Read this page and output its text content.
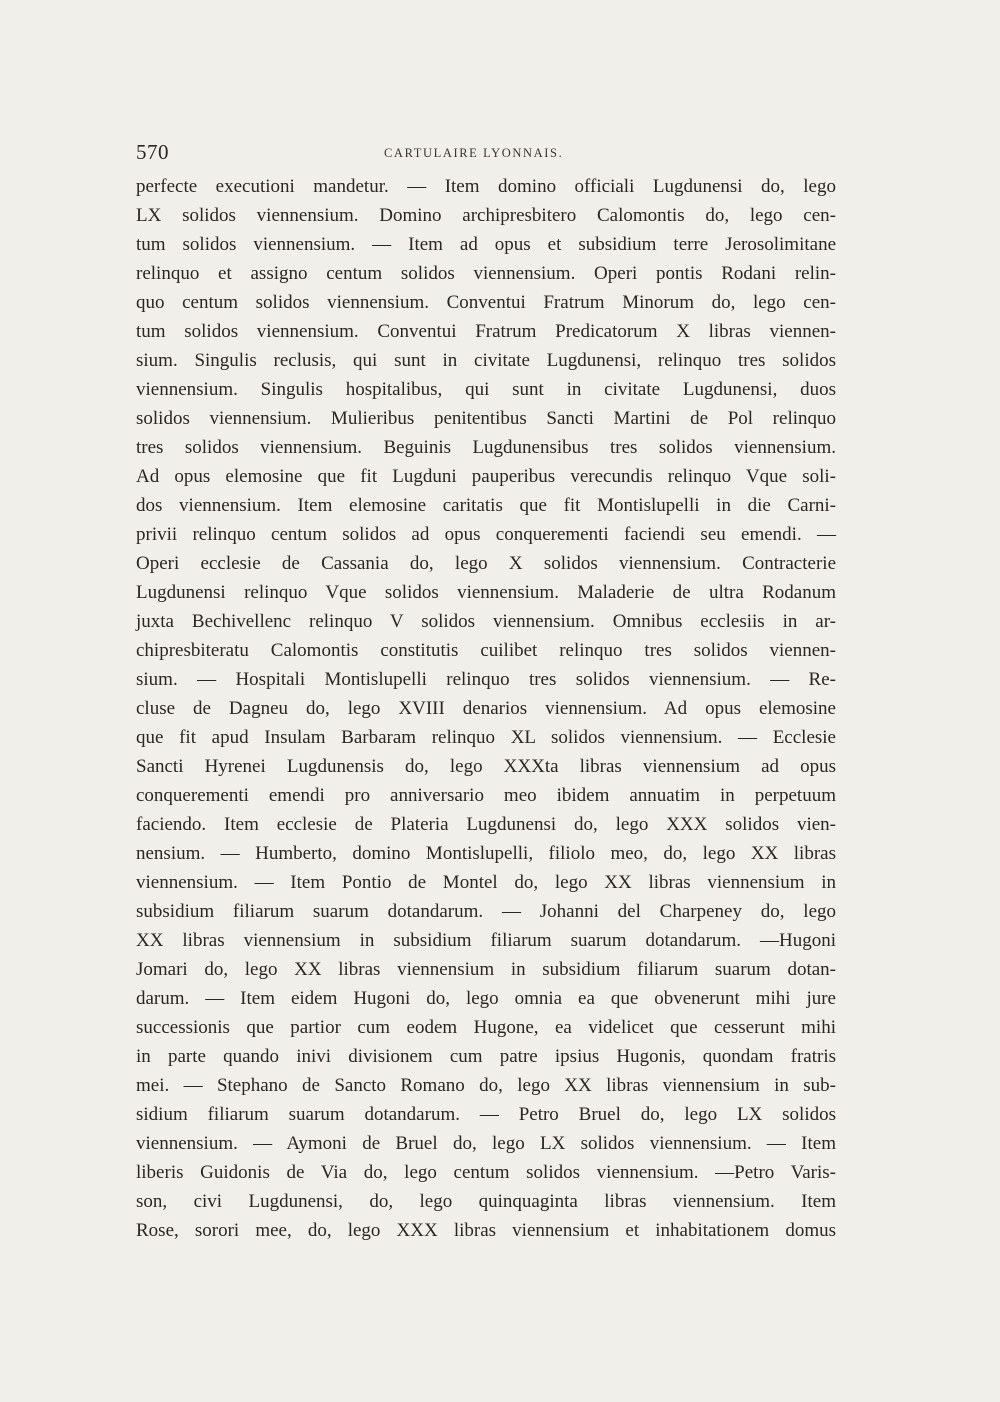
570	CARTULAIRE LYONNAIS.
perfecte executioni mandetur. — Item domino officiali Lugdunensi do, lego
LX solidos viennensium. Domino archipresbitero Calomontis do, lego cen-
tum solidos viennensium. — Item ad opus et subsidium terre Jerosolimitane
relinquo et assigno centum solidos viennensium. Operi pontis Rodani relin-
quo centum solidos viennensium. Conventui Fratrum Minorum do, lego cen-
tum solidos viennensium. Conventui Fratrum Predicatorum X libras viennen-
sium. Singulis reclusis, qui sunt in civitate Lugdunensi, relinquo tres solidos
viennensium. Singulis hospitalibus, qui sunt in civitate Lugdunensi, duos
solidos viennensium. Mulieribus penitentibus Sancti Martini de Pol relinquo
tres solidos viennensium. Beguinis Lugdunensibus tres solidos viennensium.
Ad opus elemosine que fit Lugduni pauperibus verecundis relinquo Vque soli-
dos viennensium. Item elemosine caritatis que fit Montislupelli in die Carni-
privii relinquo centum solidos ad opus conquerementi faciendi seu emendi. —
Operi ecclesie de Cassania do, lego X solidos viennensium. Contracterie
Lugdunensi relinquo Vque solidos viennensium. Maladerie de ultra Rodanum
juxta Bechivellenc relinquo V solidos viennensium. Omnibus ecclesiis in ar-
chipresbiteratu Calomontis constitutis cuilibet relinquo tres solidos viennen-
sium. — Hospitali Montislupelli relinquo tres solidos viennensium. — Re-
cluse de Dagneu do, lego XVIII denarios viennensium. Ad opus elemosine
que fit apud Insulam Barbaram relinquo XL solidos viennensium. — Ecclesie
Sancti Hyrenei Lugdunensis do, lego XXXta libras viennensium ad opus
conquerementi emendi pro anniversario meo ibidem annuatim in perpetuum
faciendo. Item ecclesie de Plateria Lugdunensi do, lego XXX solidos vien-
nensium. — Humberto, domino Montislupelli, filiolo meo, do, lego XX libras
viennensium. — Item Pontio de Montel do, lego XX libras viennensium in
subsidium filiarum suarum dotandarum. — Johanni del Charpeney do, lego
XX libras viennensium in subsidium filiarum suarum dotandarum. —Hugoni
Jomari do, lego XX libras viennensium in subsidium filiarum suarum dotan-
darum. — Item eidem Hugoni do, lego omnia ea que obvenerunt mihi jure
successionis que partior cum eodem Hugone, ea videlicet que cesserunt mihi
in parte quando inivi divisionem cum patre ipsius Hugonis, quondam fratris
mei. — Stephano de Sancto Romano do, lego XX libras viennensium in sub-
sidium filiarum suarum dotandarum. — Petro Bruel do, lego LX solidos
viennensium. — Aymoni de Bruel do, lego LX solidos viennensium. — Item
liberis Guidonis de Via do, lego centum solidos viennensium. —Petro Varis-
son, civi Lugdunensi, do, lego quinquaginta libras viennensium. Item
Rose, sorori mee, do, lego XXX libras viennensium et inhabitationem domus
